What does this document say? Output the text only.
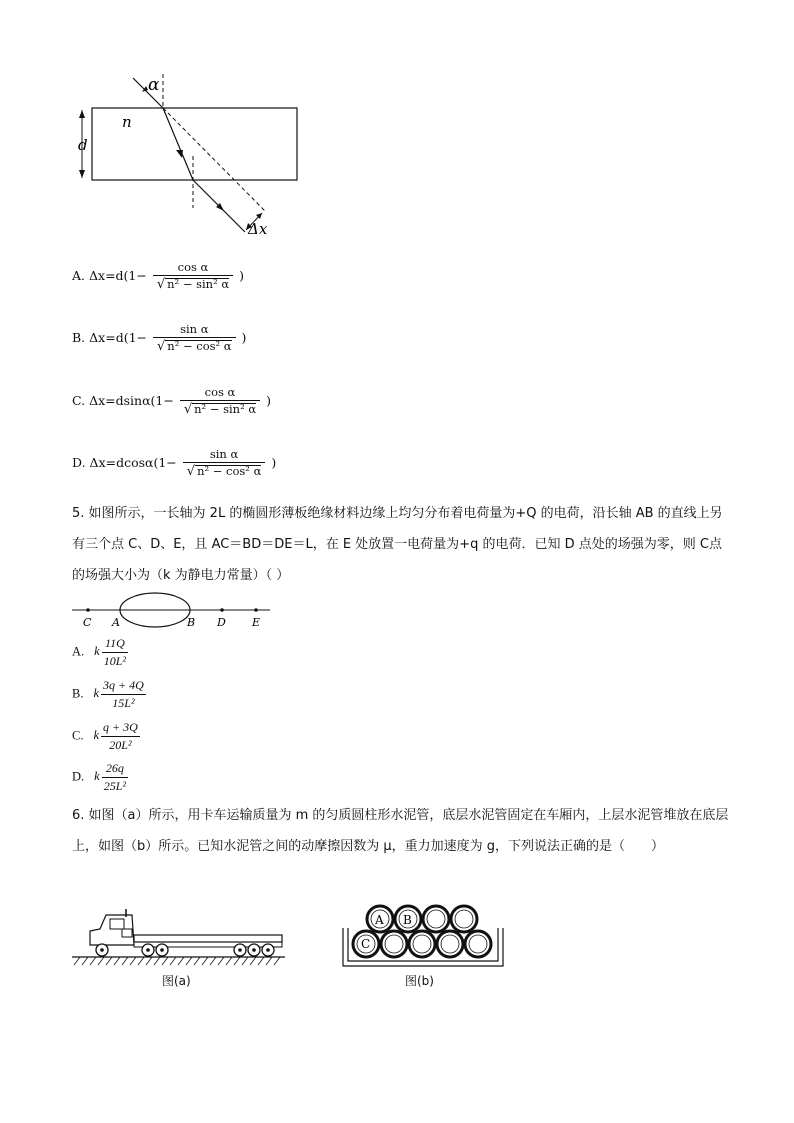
α
n
d
Δx
A. $\Delta x=d(1- \frac{\text{cos α}}{\text{√ n² − sin² α}}$ )
B. $\Delta x=d(1- \frac{\text{sin α}}{\text{√ n² − cos² α}}$ )
C. $\Delta x=dsin\alpha(1- \frac{\text{cos α}}{\text{√ n² − sin² α}}$ )
D. $\Delta x=dcos\alpha(1- \frac{\text{sin α}}{\text{√ n² − cos² α}}$ )
5. 如图所示，一长轴为 2L 的椭圆形薄板绝缘材料边缘上均匀分布着电荷量为+Q 的电荷，沿长轴 AB 的直线上另有三个点 C、D、E，且 AC＝BD＝DE＝L，在 E 处放置一电荷量为+q 的电荷．已知 D 点处的场强为零，则 C点的场强大小为（k 为静电力常量）（ ）
C A	B D E
A. k $\frac{11Q}{\text{10L²}}$
B. k $\frac{3q + 4Q}{\text{15L²}}$
C. k $\frac{q + 3Q}{\text{20L²}}$
D. k $\frac{26q}{\text{25L²}}$
6. 如图（a）所示，用卡车运输质量为 m 的匀质圆柱形水泥管，底层水泥管固定在车厢内，上层水泥管堆放在底层上，如图（b）所示。已知水泥管之间的动摩擦因数为 μ，重力加速度为 g，下列说法正确的是（　　）
图(a)
A B
C
图(b)
